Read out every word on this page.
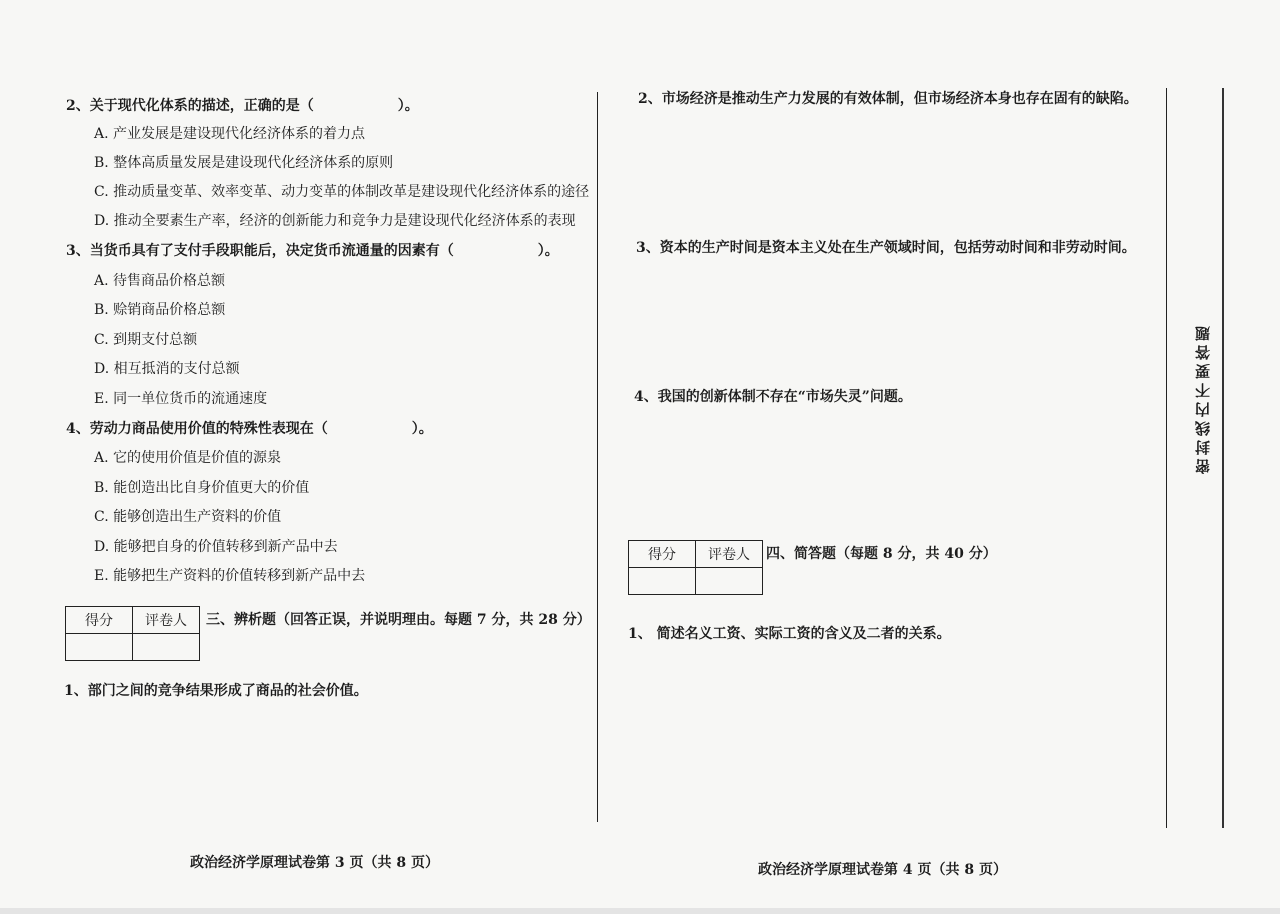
2、关于现代化体系的描述，正确的是（　　　　　　）。
A. 产业发展是建设现代化经济体系的着力点
B. 整体高质量发展是建设现代化经济体系的原则
C. 推动质量变革、效率变革、动力变革的体制改革是建设现代化经济体系的途径
D. 推动全要素生产率，经济的创新能力和竞争力是建设现代化经济体系的表现
3、当货币具有了支付手段职能后，决定货币流通量的因素有（　　　　　　）。
A. 待售商品价格总额
B. 赊销商品价格总额
C. 到期支付总额
D. 相互抵消的支付总额
E. 同一单位货币的流通速度
4、劳动力商品使用价值的特殊性表现在（　　　　　　）。
A. 它的使用价值是价值的源泉
B. 能创造出比自身价值更大的价值
C. 能够创造出生产资料的价值
D. 能够把自身的价值转移到新产品中去
E. 能够把生产资料的价值转移到新产品中去
得分	评卷人
	三、辨析题（回答正误，并说明理由。每题 7 分，共 28 分）
1、部门之间的竞争结果形成了商品的社会价值。
政治经济学原理试卷第 3 页（共 8 页）
2、市场经济是推动生产力发展的有效体制，但市场经济本身也存在固有的缺陷。
3、资本的生产时间是资本主义处在生产领域时间，包括劳动时间和非劳动时间。
4、我国的创新体制不存在“市场失灵”问题。
得分	评卷人
	四、简答题（每题 8 分，共 40 分）
1、 简述名义工资、实际工资的含义及二者的关系。
政治经济学原理试卷第 4 页（共 8 页）
密封线内不要答题
